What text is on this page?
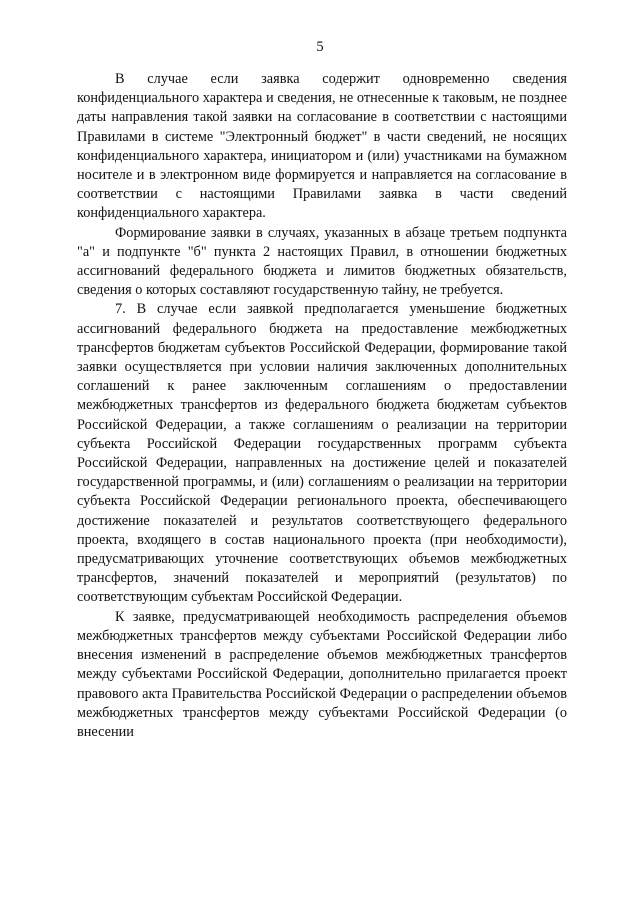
5

В случае если заявка содержит одновременно сведения конфиденциального характера и сведения, не отнесенные к таковым, не позднее даты направления такой заявки на согласование в соответствии с настоящими Правилами в системе "Электронный бюджет" в части сведений, не носящих конфиденциального характера, инициатором и (или) участниками на бумажном носителе и в электронном виде формируется и направляется на согласование в соответствии с настоящими Правилами заявка в части сведений конфиденциального характера.

Формирование заявки в случаях, указанных в абзаце третьем подпункта "а" и подпункте "б" пункта 2 настоящих Правил, в отношении бюджетных ассигнований федерального бюджета и лимитов бюджетных обязательств, сведения о которых составляют государственную тайну, не требуется.

7. В случае если заявкой предполагается уменьшение бюджетных ассигнований федерального бюджета на предоставление межбюджетных трансфертов бюджетам субъектов Российской Федерации, формирование такой заявки осуществляется при условии наличия заключенных дополнительных соглашений к ранее заключенным соглашениям о предоставлении межбюджетных трансфертов из федерального бюджета бюджетам субъектов Российской Федерации, а также соглашениям о реализации на территории субъекта Российской Федерации государственных программ субъекта Российской Федерации, направленных на достижение целей и показателей государственной программы, и (или) соглашениям о реализации на территории субъекта Российской Федерации регионального проекта, обеспечивающего достижение показателей и результатов соответствующего федерального проекта, входящего в состав национального проекта (при необходимости), предусматривающих уточнение соответствующих объемов межбюджетных трансфертов, значений показателей и мероприятий (результатов) по соответствующим субъектам Российской Федерации.

К заявке, предусматривающей необходимость распределения объемов межбюджетных трансфертов между субъектами Российской Федерации либо внесения изменений в распределение объемов межбюджетных трансфертов между субъектами Российской Федерации, дополнительно прилагается проект правового акта Правительства Российской Федерации о распределении объемов межбюджетных трансфертов между субъектами Российской Федерации (о внесении
